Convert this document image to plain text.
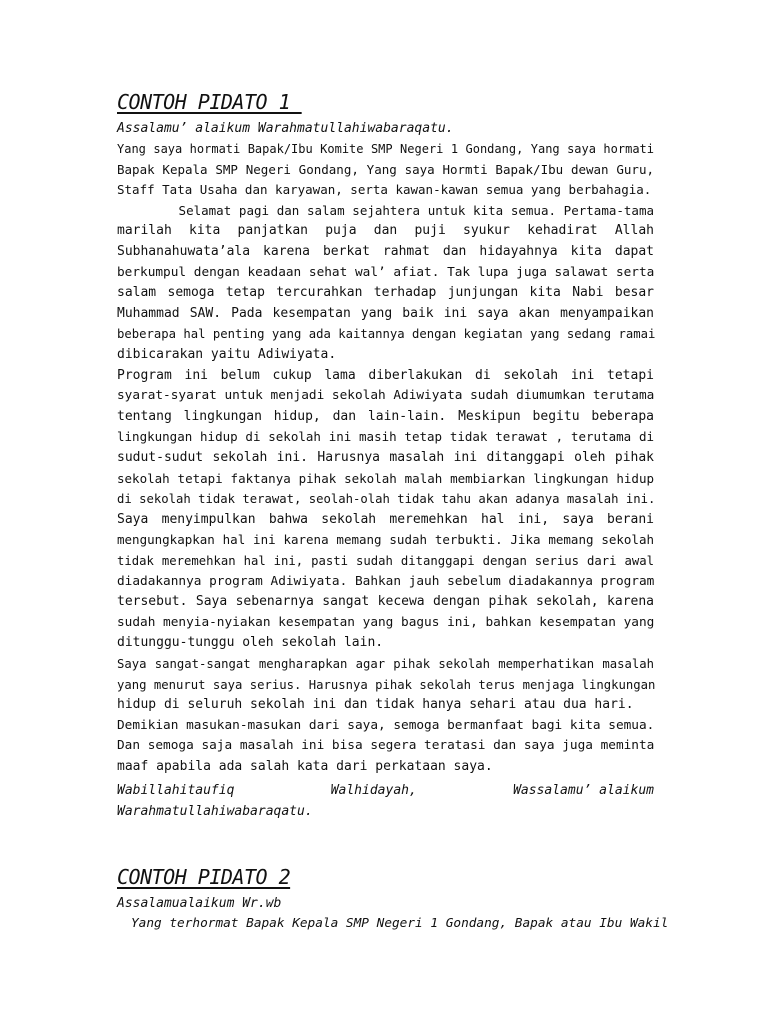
CONTOH PIDATO 1
Assalamu’ alaikum Warahmatullahiwabaraqatu.
Yang saya hormati Bapak/Ibu Komite SMP Negeri 1 Gondang, Yang saya hormati
Bapak Kepala SMP Negeri Gondang, Yang saya Hormti Bapak/Ibu dewan Guru,
Staff Tata Usaha dan karyawan, serta kawan-kawan semua yang berbahagia.
Selamat pagi dan salam sejahtera untuk kita semua. Pertama-tama
marilah kita panjatkan puja dan puji syukur kehadirat Allah
Subhanahuwata’ala karena berkat rahmat dan hidayahnya kita dapat
berkumpul dengan keadaan sehat wal’ afiat. Tak lupa juga salawat serta
salam semoga tetap tercurahkan terhadap junjungan kita Nabi besar
Muhammad SAW. Pada kesempatan yang baik ini saya akan menyampaikan
beberapa hal penting yang ada kaitannya dengan kegiatan yang sedang ramai
dibicarakan yaitu Adiwiyata.
Program ini belum cukup lama diberlakukan di sekolah ini tetapi
syarat-syarat untuk menjadi sekolah Adiwiyata sudah diumumkan terutama
tentang lingkungan hidup, dan lain-lain. Meskipun begitu beberapa
lingkungan hidup di sekolah ini masih tetap tidak terawat , terutama di
sudut-sudut sekolah ini. Harusnya masalah ini ditanggapi oleh pihak
sekolah tetapi faktanya pihak sekolah malah membiarkan lingkungan hidup
di sekolah tidak terawat, seolah-olah tidak tahu akan adanya masalah ini.
Saya menyimpulkan bahwa sekolah meremehkan hal ini, saya berani
mengungkapkan hal ini karena memang sudah terbukti. Jika memang sekolah
tidak meremehkan hal ini, pasti sudah ditanggapi dengan serius dari awal
diadakannya program Adiwiyata. Bahkan jauh sebelum diadakannya program
tersebut. Saya sebenarnya sangat kecewa dengan pihak sekolah, karena
sudah menyia-nyiakan kesempatan yang bagus ini, bahkan kesempatan yang
ditunggu-tunggu oleh sekolah lain.
Saya sangat-sangat mengharapkan agar pihak sekolah memperhatikan masalah
yang menurut saya serius. Harusnya pihak sekolah terus menjaga lingkungan
hidup di seluruh sekolah ini dan tidak hanya sehari atau dua hari.
Demikian masukan-masukan dari saya, semoga bermanfaat bagi kita semua.
Dan semoga saja masalah ini bisa segera teratasi dan saya juga meminta
maaf apabila ada salah kata dari perkataan saya.
Wabillahitaufiq	Walhidayah,	Wassalamu’ alaikum
Warahmatullahiwabaraqatu.
CONTOH PIDATO 2
Assalamualaikum Wr.wb
Yang terhormat Bapak Kepala SMP Negeri 1 Gondang, Bapak atau Ibu Wakil
